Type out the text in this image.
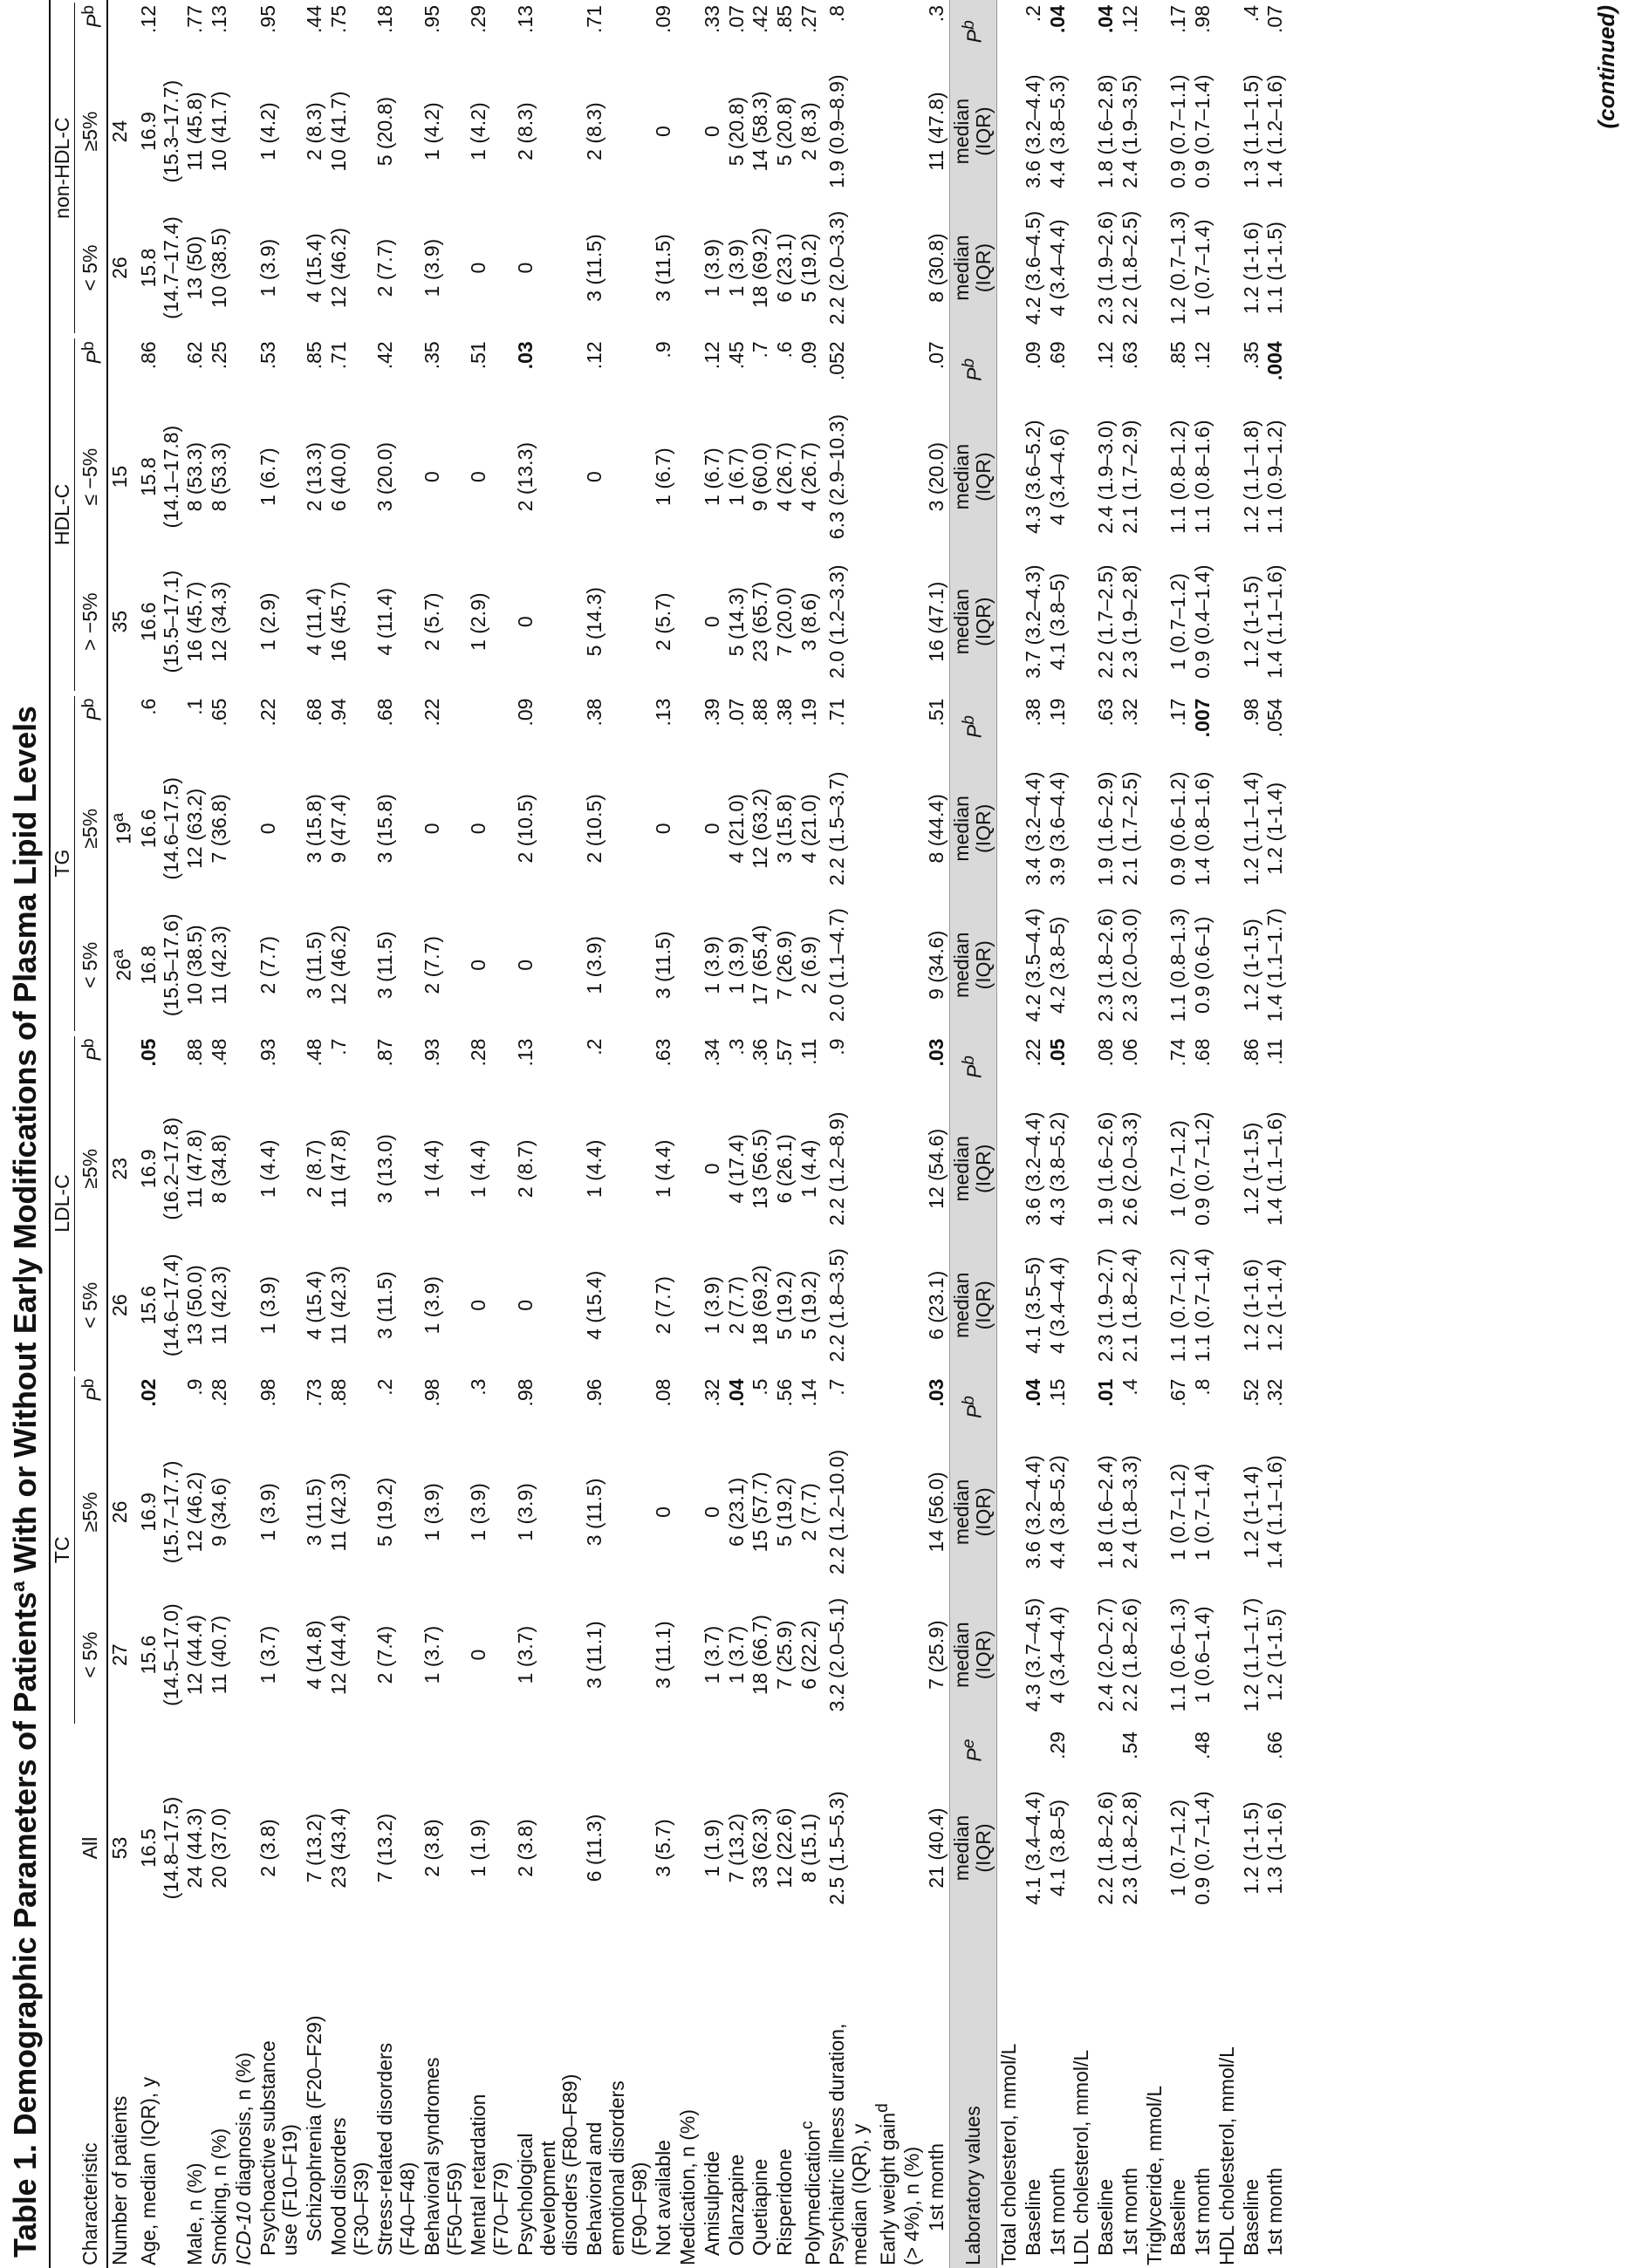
Table 1. Demographic Parameters of Patients$^a$ With or Without Early Modifications of Plasma Lipid Levels

			TC			LDL-C			TG			HDL-C			non-HDL-C		

Characteristic	All		< 5%	≥5%	$P^b$	< 5%	≥5%	$P^b$	< 5%	≥5%	$P^b$	> −5%	≤ −5%	$P^b$	< 5%	≥5%	$P^b$
Number of patients	53		27	26		26	23		26$^a$	19$^a$		35	15		26	24	
Age, median (IQR), y	16.5
(14.8–17.5)		15.6
(14.5–17.0)	16.9
(15.7–17.7)	.02	15.6
(14.6–17.4)	16.9
(16.2–17.8)	.05	16.8
(15.5–17.6)	16.6
(14.6–17.5)	.6	16.6
(15.5–17.1)	15.8
(14.1–17.8)	.86	15.8
(14.7–17.4)	16.9
(15.3–17.7)	.12
Male, n (%)	24 (44.3)		12 (44.4)	12 (46.2)	.9	13 (50.0)	11 (47.8)	.88	10 (38.5)	12 (63.2)	.1	16 (45.7)	8 (53.3)	.62	13 (50)	11 (45.8)	.77
Smoking, n (%)	20 (37.0)		11 (40.7)	9 (34.6)	.28	11 (42.3)	8 (34.8)	.48	11 (42.3)	7 (36.8)	.65	12 (34.3)	8 (53.3)	.25	10 (38.5)	10 (41.7)	.13
ICD-10 diagnosis, n (%)																	
Psychoactive substance
use (F10–F19)	2 (3.8)		1 (3.7)	1 (3.9)	.98	1 (3.9)	1 (4.4)	.93	2 (7.7)	0	.22	1 (2.9)	1 (6.7)	.53	1 (3.9)	1 (4.2)	.95
Schizophrenia (F20–F29)	7 (13.2)		4 (14.8)	3 (11.5)	.73	4 (15.4)	2 (8.7)	.48	3 (11.5)	3 (15.8)	.68	4 (11.4)	2 (13.3)	.85	4 (15.4)	2 (8.3)	.44
Mood disorders
(F30–F39)	23 (43.4)		12 (44.4)	11 (42.3)	.88	11 (42.3)	11 (47.8)	.7	12 (46.2)	9 (47.4)	.94	16 (45.7)	6 (40.0)	.71	12 (46.2)	10 (41.7)	.75
Stress-related disorders
(F40–F48)	7 (13.2)		2 (7.4)	5 (19.2)	.2	3 (11.5)	3 (13.0)	.87	3 (11.5)	3 (15.8)	.68	4 (11.4)	3 (20.0)	.42	2 (7.7)	5 (20.8)	.18
Behavioral syndromes
(F50–F59)	2 (3.8)		1 (3.7)	1 (3.9)	.98	1 (3.9)	1 (4.4)	.93	2 (7.7)	0	.22	2 (5.7)	0	.35	1 (3.9)	1 (4.2)	.95
Mental retardation
(F70–F79)	1 (1.9)		0	1 (3.9)	.3	0	1 (4.4)	.28	0	0		1 (2.9)	0	.51	0	1 (4.2)	.29
Psychological
development
disorders (F80–F89)	2 (3.8)		1 (3.7)	1 (3.9)	.98	0	2 (8.7)	.13	0	2 (10.5)	.09	0	2 (13.3)	.03	0	2 (8.3)	.13
Behavioral and
emotional disorders
(F90–F98)	6 (11.3)		3 (11.1)	3 (11.5)	.96	4 (15.4)	1 (4.4)	.2	1 (3.9)	2 (10.5)	.38	5 (14.3)	0	.12	3 (11.5)	2 (8.3)	.71
Not available	3 (5.7)		3 (11.1)	0	.08	2 (7.7)	1 (4.4)	.63	3 (11.5)	0	.13	2 (5.7)	1 (6.7)	.9	3 (11.5)	0	.09
Medication, n (%)																	
Amisulpride	1 (1.9)		1 (3.7)	0	.32	1 (3.9)	0	.34	1 (3.9)	0	.39	0	1 (6.7)	.12	1 (3.9)	0	.33
Olanzapine	7 (13.2)		1 (3.7)	6 (23.1)	.04	2 (7.7)	4 (17.4)	.3	1 (3.9)	4 (21.0)	.07	5 (14.3)	1 (6.7)	.45	1 (3.9)	5 (20.8)	.07
Quetiapine	33 (62.3)		18 (66.7)	15 (57.7)	.5	18 (69.2)	13 (56.5)	.36	17 (65.4)	12 (63.2)	.88	23 (65.7)	9 (60.0)	.7	18 (69.2)	14 (58.3)	.42
Risperidone	12 (22.6)		7 (25.9)	5 (19.2)	.56	5 (19.2)	6 (26.1)	.57	7 (26.9)	3 (15.8)	.38	7 (20.0)	4 (26.7)	.6	6 (23.1)	5 (20.8)	.85
Polymedication$^c$	8 (15.1)		6 (22.2)	2 (7.7)	.14	5 (19.2)	1 (4.4)	.11	2 (6.9)	4 (21.0)	.19	3 (8.6)	4 (26.7)	.09	5 (19.2)	2 (8.3)	.27
Psychiatric illness duration,
median (IQR), y	2.5 (1.5–5.3)		3.2 (2.0–5.1)	2.2 (1.2–10.0)	.7	2.2 (1.8–3.5)	2.2 (1.2–8.9)	.9	2.0 (1.1–4.7)	2.2 (1.5–3.7)	.71	2.0 (1.2–3.3)	6.3 (2.9–10.3)	.052	2.2 (2.0–3.3)	1.9 (0.9–8.9)	.8
Early weight gain$^d$																	
(> 4%), n (%)																	
1st month	21 (40.4)		7 (25.9)	14 (56.0)	.03	6 (23.1)	12 (54.6)	.03	9 (34.6)	8 (44.4)	.51	16 (47.1)	3 (20.0)	.07	8 (30.8)	11 (47.8)	.3
Laboratory values	median
(IQR)	$P^e$	median
(IQR)	median
(IQR)	$P^b$	median
(IQR)	median
(IQR)	$P^b$	median
(IQR)	median
(IQR)	$P^b$	median
(IQR)	median
(IQR)	$P^b$	median
(IQR)	median
(IQR)	$P^b$
Total cholesterol, mmol/L																	
Baseline	4.1 (3.4–4.4)		4.3 (3.7–4.5)	3.6 (3.2–4.4)	.04	4.1 (3.5–5)	3.6 (3.2–4.4)	.22	4.2 (3.5–4.4)	3.4 (3.2–4.4)	.38	3.7 (3.2–4.3)	4.3 (3.6–5.2)	.09	4.2 (3.6–4.5)	3.6 (3.2–4.4)	.2
1st month	4.1 (3.8–5)	.29	4 (3.4–4.4)	4.4 (3.8–5.2)	.15	4 (3.4–4.4)	4.3 (3.8–5.2)	.05	4.2 (3.8–5)	3.9 (3.6–4.4)	.19	4.1 (3.8–5)	4 (3.4–4.6)	.69	4 (3.4–4.4)	4.4 (3.8–5.3)	.04
LDL cholesterol, mmol/L																	
Baseline	2.2 (1.8–2.6)		2.4 (2.0–2.7)	1.8 (1.6–2.4)	.01	2.3 (1.9–2.7)	1.9 (1.6–2.6)	.08	2.3 (1.8–2.6)	1.9 (1.6–2.9)	.63	2.2 (1.7–2.5)	2.4 (1.9–3.0)	.12	2.3 (1.9–2.6)	1.8 (1.6–2.8)	.04
1st month	2.3 (1.8–2.8)	.54	2.2 (1.8–2.6)	2.4 (1.8–3.3)	.4	2.1 (1.8–2.4)	2.6 (2.0–3.3)	.06	2.3 (2.0–3.0)	2.1 (1.7–2.5)	.32	2.3 (1.9–2.8)	2.1 (1.7–2.9)	.63	2.2 (1.8–2.5)	2.4 (1.9–3.5)	.12
Triglyceride, mmol/L																	
Baseline	1 (0.7–1.2)		1.1 (0.6–1.3)	1 (0.7–1.2)	.67	1.1 (0.7–1.2)	1 (0.7–1.2)	.74	1.1 (0.8–1.3)	0.9 (0.6–1.2)	.17	1 (0.7–1.2)	1.1 (0.8–1.2)	.85	1.2 (0.7–1.3)	0.9 (0.7–1.1)	.17
1st month	0.9 (0.7–1.4)	.48	1 (0.6–1.4)	1 (0.7–1.4)	.8	1.1 (0.7–1.4)	0.9 (0.7–1.2)	.68	0.9 (0.6–1)	1.4 (0.8–1.6)	.007	0.9 (0.4–1.4)	1.1 (0.8–1.6)	.12	1 (0.7–1.4)	0.9 (0.7–1.4)	.98
HDL cholesterol, mmol/L																	
Baseline	1.2 (1-1.5)		1.2 (1.1–1.7)	1.2 (1-1.4)	.52	1.2 (1-1.6)	1.2 (1-1.5)	.86	1.2 (1-1.5)	1.2 (1.1–1.4)	.98	1.2 (1-1.5)	1.2 (1.1–1.8)	.35	1.2 (1-1.6)	1.3 (1.1–1.5)	.4
1st month	1.3 (1-1.6)	.66	1.2 (1-1.5)	1.4 (1.1–1.6)	.32	1.2 (1-1.4)	1.4 (1.1–1.6)	.11	1.4 (1.1–1.7)	1.2 (1-1.4)	.054	1.4 (1.1–1.6)	1.1 (0.9–1.2)	.004	1.1 (1-1.5)	1.4 (1.2–1.6)	.07	(continued)
